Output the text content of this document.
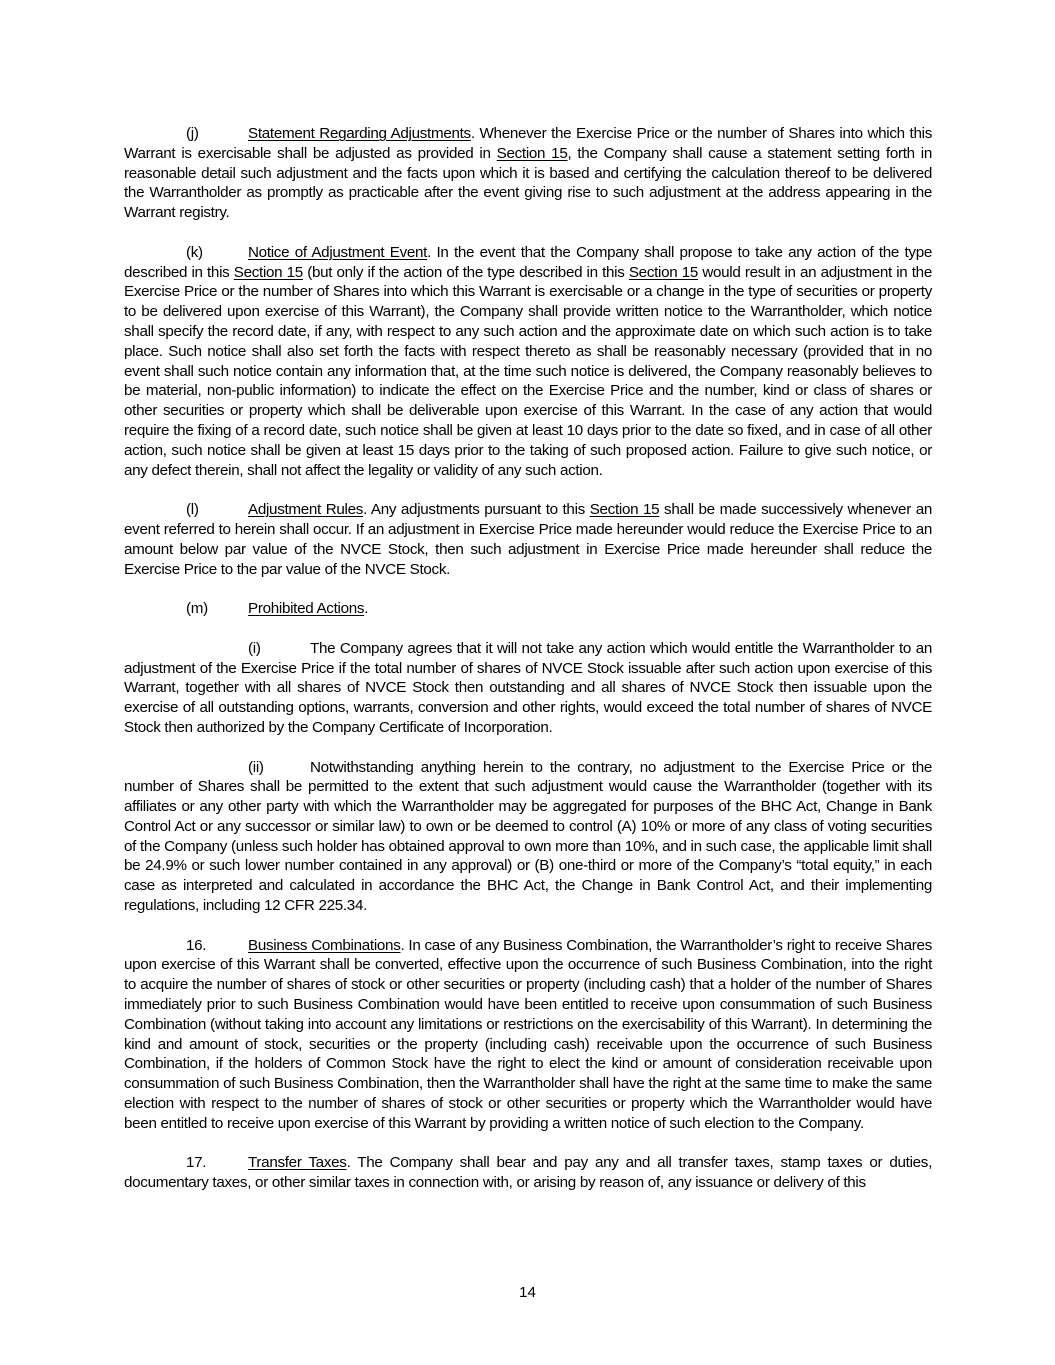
(j)	Statement Regarding Adjustments. Whenever the Exercise Price or the number of Shares into which this Warrant is exercisable shall be adjusted as provided in Section 15, the Company shall cause a statement setting forth in reasonable detail such adjustment and the facts upon which it is based and certifying the calculation thereof to be delivered the Warrantholder as promptly as practicable after the event giving rise to such adjustment at the address appearing in the Warrant registry.

(k)	Notice of Adjustment Event. In the event that the Company shall propose to take any action of the type described in this Section 15 (but only if the action of the type described in this Section 15 would result in an adjustment in the Exercise Price or the number of Shares into which this Warrant is exercisable or a change in the type of securities or property to be delivered upon exercise of this Warrant), the Company shall provide written notice to the Warrantholder, which notice shall specify the record date, if any, with respect to any such action and the approximate date on which such action is to take place. Such notice shall also set forth the facts with respect thereto as shall be reasonably necessary (provided that in no event shall such notice contain any information that, at the time such notice is delivered, the Company reasonably believes to be material, non-public information) to indicate the effect on the Exercise Price and the number, kind or class of shares or other securities or property which shall be deliverable upon exercise of this Warrant. In the case of any action that would require the fixing of a record date, such notice shall be given at least 10 days prior to the date so fixed, and in case of all other action, such notice shall be given at least 15 days prior to the taking of such proposed action. Failure to give such notice, or any defect therein, shall not affect the legality or validity of any such action.

(l)	Adjustment Rules. Any adjustments pursuant to this Section 15 shall be made successively whenever an event referred to herein shall occur. If an adjustment in Exercise Price made hereunder would reduce the Exercise Price to an amount below par value of the NVCE Stock, then such adjustment in Exercise Price made hereunder shall reduce the Exercise Price to the par value of the NVCE Stock.

(m)	Prohibited Actions.

(i)	The Company agrees that it will not take any action which would entitle the Warrantholder to an adjustment of the Exercise Price if the total number of shares of NVCE Stock issuable after such action upon exercise of this Warrant, together with all shares of NVCE Stock then outstanding and all shares of NVCE Stock then issuable upon the exercise of all outstanding options, warrants, conversion and other rights, would exceed the total number of shares of NVCE Stock then authorized by the Company Certificate of Incorporation.

(ii)	Notwithstanding anything herein to the contrary, no adjustment to the Exercise Price or the number of Shares shall be permitted to the extent that such adjustment would cause the Warrantholder (together with its affiliates or any other party with which the Warrantholder may be aggregated for purposes of the BHC Act, Change in Bank Control Act or any successor or similar law) to own or be deemed to control (A) 10% or more of any class of voting securities of the Company (unless such holder has obtained approval to own more than 10%, and in such case, the applicable limit shall be 24.9% or such lower number contained in any approval) or (B) one-third or more of the Company’s “total equity,” in each case as interpreted and calculated in accordance the BHC Act, the Change in Bank Control Act, and their implementing regulations, including 12 CFR 225.34.

16.	Business Combinations. In case of any Business Combination, the Warrantholder’s right to receive Shares upon exercise of this Warrant shall be converted, effective upon the occurrence of such Business Combination, into the right to acquire the number of shares of stock or other securities or property (including cash) that a holder of the number of Shares immediately prior to such Business Combination would have been entitled to receive upon consummation of such Business Combination (without taking into account any limitations or restrictions on the exercisability of this Warrant). In determining the kind and amount of stock, securities or the property (including cash) receivable upon the occurrence of such Business Combination, if the holders of Common Stock have the right to elect the kind or amount of consideration receivable upon consummation of such Business Combination, then the Warrantholder shall have the right at the same time to make the same election with respect to the number of shares of stock or other securities or property which the Warrantholder would have been entitled to receive upon exercise of this Warrant by providing a written notice of such election to the Company.

17.	Transfer Taxes. The Company shall bear and pay any and all transfer taxes, stamp taxes or duties, documentary taxes, or other similar taxes in connection with, or arising by reason of, any issuance or delivery of this

14
